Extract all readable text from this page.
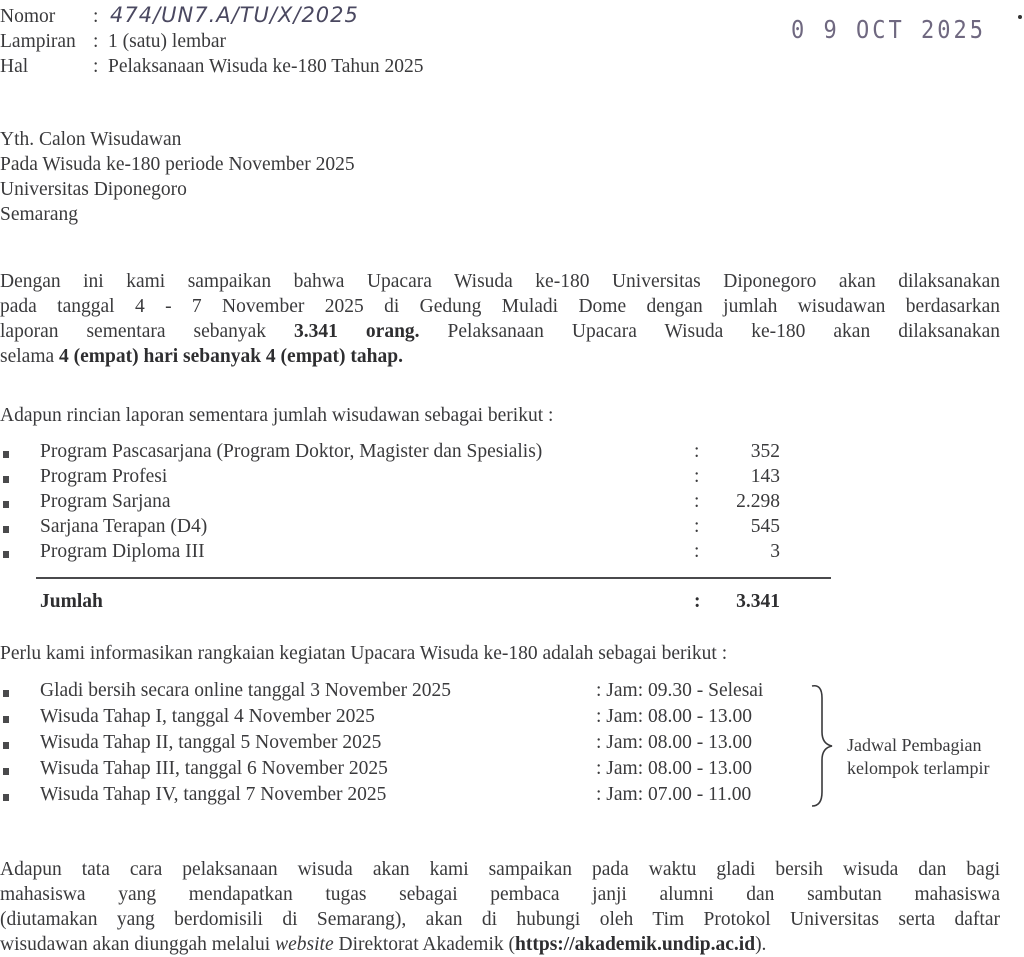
Nomor : 474/UN7.A/TU/X/2025
Lampiran : 1 (satu) lembar
Hal	: Pelaksanaan Wisuda ke-180 Tahun 2025
0 9 OCT 2025
Yth. Calon Wisudawan
Pada Wisuda ke-180 periode November 2025
Universitas Diponegoro
Semarang
Dengan ini kami sampaikan bahwa Upacara Wisuda ke-180 Universitas Diponegoro akan dilaksanakan
pada tanggal 4 - 7 November 2025 di Gedung Muladi Dome dengan jumlah wisudawan berdasarkan
laporan sementara sebanyak 3.341 orang. Pelaksanaan Upacara Wisuda ke-180 akan dilaksanakan
selama 4 (empat) hari sebanyak 4 (empat) tahap.
Adapun rincian laporan sementara jumlah wisudawan sebagai berikut :
Program Pascasarjana (Program Doktor, Magister dan Spesialis)	:	352
Program Profesi	:	143
Program Sarjana	:	2.298
Sarjana Terapan (D4)	:	545
Program Diploma III	:	3
Jumlah	:	3.341
Perlu kami informasikan rangkaian kegiatan Upacara Wisuda ke-180 adalah sebagai berikut :
Gladi bersih secara online tanggal 3 November 2025	: Jam: 09.30 - Selesai
Wisuda Tahap I, tanggal 4 November 2025	: Jam: 08.00 - 13.00
Wisuda Tahap II, tanggal 5 November 2025	: Jam: 08.00 - 13.00
Wisuda Tahap III, tanggal 6 November 2025	: Jam: 08.00 - 13.00
Wisuda Tahap IV, tanggal 7 November 2025	: Jam: 07.00 - 11.00
Jadwal Pembagian
kelompok terlampir
Adapun tata cara pelaksanaan wisuda akan kami sampaikan pada waktu gladi bersih wisuda dan bagi
mahasiswa yang mendapatkan tugas sebagai pembaca janji alumni dan sambutan mahasiswa
(diutamakan yang berdomisili di Semarang), akan di hubungi oleh Tim Protokol Universitas serta daftar
wisudawan akan diunggah melalui website Direktorat Akademik (https://akademik.undip.ac.id).
